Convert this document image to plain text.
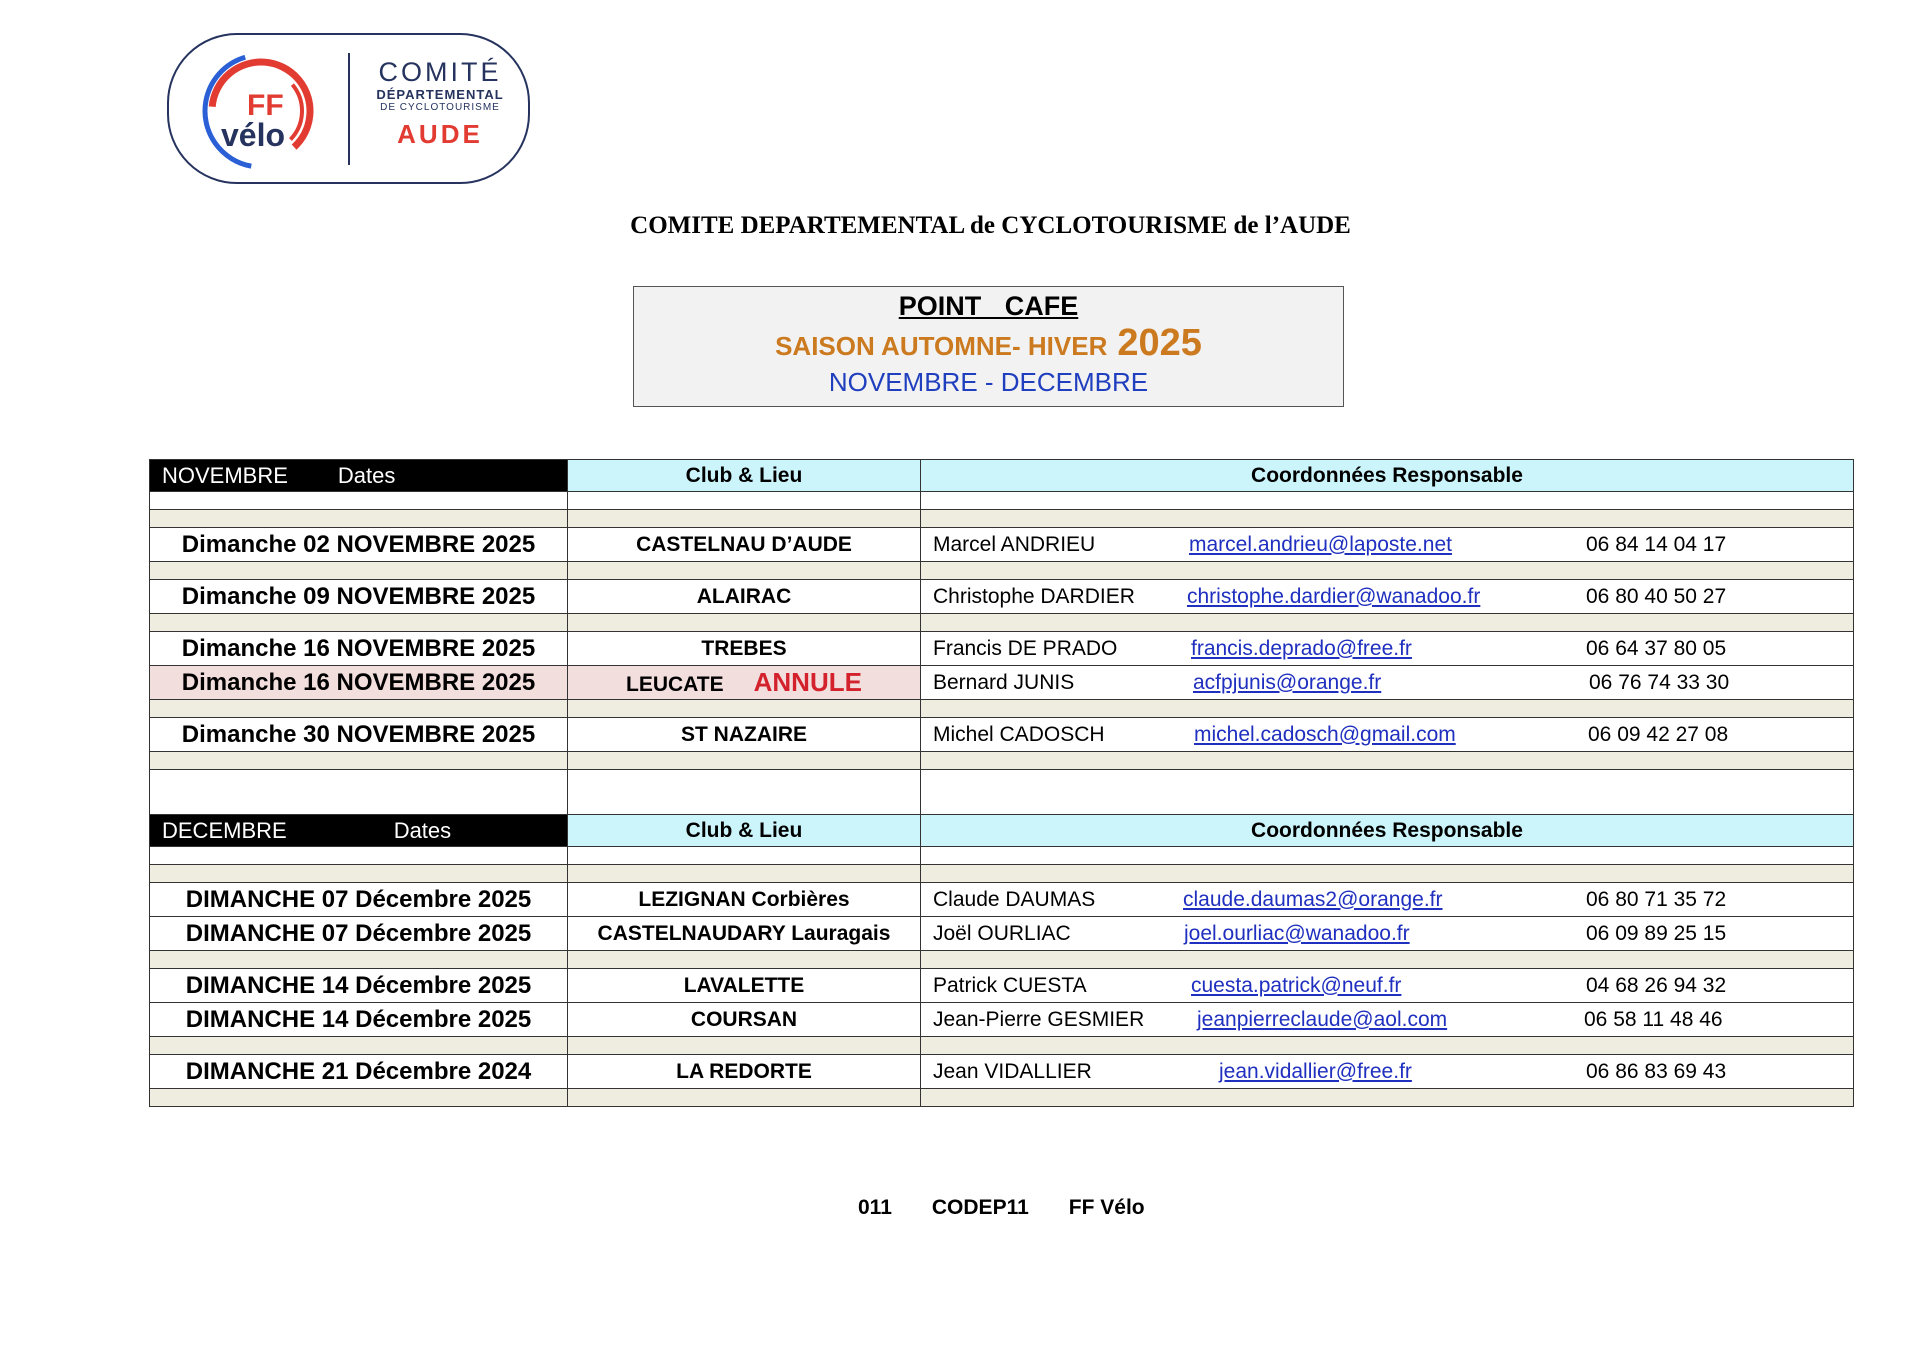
FF
vélo
COMITÉ
DÉPARTEMENTAL
DE CYCLOTOURISME
AUDE
COMITE DEPARTEMENTAL de CYCLOTOURISME de l’AUDE
POINT CAFE
SAISON AUTOMNE- HIVER 2025
NOVEMBRE - DECEMBRE
NOVEMBRE Dates	Club & Lieu	Coordonnées Responsable

Dimanche 02 NOVEMBRE 2025	CASTELNAU D’AUDE	Marcel ANDRIEU marcel.andrieu@laposte.net 06 84 14 04 17

Dimanche 09 NOVEMBRE 2025	ALAIRAC	Christophe DARDIER christophe.dardier@wanadoo.fr 06 80 40 50 27

Dimanche 16 NOVEMBRE 2025	TREBES	Francis DE PRADO francis.deprado@free.fr 06 64 37 80 05

Dimanche 16 NOVEMBRE 2025	LEUCATE ANNULE	Bernard JUNIS acfpjunis@orange.fr 06 76 74 33 30

Dimanche 30 NOVEMBRE 2025	ST NAZAIRE	Michel CADOSCH michel.cadosch@gmail.com 06 09 42 27 08

DECEMBRE Dates	Club & Lieu	Coordonnées Responsable

DIMANCHE 07 Décembre 2025	LEZIGNAN Corbières	Claude DAUMAS claude.daumas2@orange.fr 06 80 71 35 72

DIMANCHE 07 Décembre 2025	CASTELNAUDARY Lauragais	Joël OURLIAC joel.ourliac@wanadoo.fr 06 09 89 25 15

DIMANCHE 14 Décembre 2025	LAVALETTE	Patrick CUESTA cuesta.patrick@neuf.fr 04 68 26 94 32

DIMANCHE 14 Décembre 2025	COURSAN	Jean-Pierre GESMIER jeanpierreclaude@aol.com 06 58 11 48 46

DIMANCHE 21 Décembre 2024	LA REDORTE	Jean VIDALLIER jean.vidallier@free.fr 06 86 83 69 43

011 CODEP11 FF Vélo
